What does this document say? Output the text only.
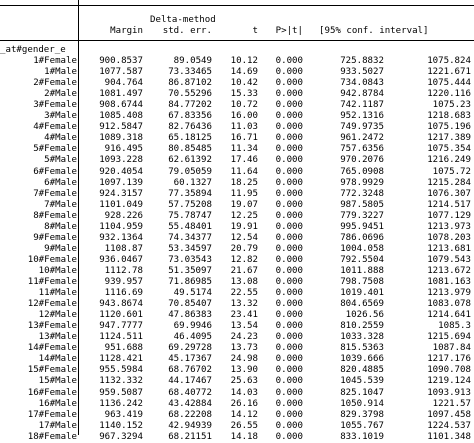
Delta-method
Margin std. err.	t P>|t| [95% conf. interval]
_at#gender_e
1#Female 900.8537	89.0549 10.12 0.000	725.8832	1075.824
1#Male 1077.587	73.33465 14.69 0.000	933.5027	1221.671
2#Female	904.764	86.87102 10.42 0.000	734.0843	1075.444
2#Male 1081.497	70.55296 15.33 0.000	942.8784	1220.116
3#Female 908.6744	84.77202 10.72 0.000	742.1187	1075.23
3#Male 1085.408	67.83356 16.00 0.000	952.1316	1218.683
4#Female 912.5847	82.76436 11.03 0.000	749.9735	1075.196
4#Male 1089.318	65.18125 16.71 0.000	961.2472	1217.389
5#Female	916.495	80.85485 11.34 0.000	757.6356	1075.354
5#Male 1093.228	62.61392 17.46 0.000	970.2076	1216.249
6#Female 920.4054	79.05059 11.64 0.000	765.0908	1075.72
6#Male 1097.139	60.1327 18.25 0.000	978.9929	1215.284
7#Female 924.3157	77.35894 11.95 0.000	772.3248	1076.307
7#Male 1101.049	57.75208 19.07 0.000	987.5805	1214.517
8#Female	928.226	75.78747 12.25 0.000	779.3227	1077.129
8#Male 1104.959	55.48401 19.91 0.000	995.9451	1213.973
9#Female 932.1364	74.34377 12.54 0.000	786.0696	1078.203
9#Male	1108.87	53.34597 20.79 0.000	1004.058	1213.681
10#Female 936.0467	73.03543 12.82 0.000	792.5504	1079.543
10#Male	1112.78	51.35097 21.67 0.000	1011.888	1213.672
11#Female	939.957	71.86985 13.08 0.000	798.7508	1081.163
11#Male	1116.69	49.5174 22.55 0.000	1019.401	1213.979
12#Female 943.8674	70.85407 13.32 0.000	804.6569	1083.078
12#Male 1120.601	47.86383 23.41 0.000	1026.56	1214.641
13#Female 947.7777	69.9946 13.54 0.000	810.2559	1085.3
13#Male 1124.511	46.4095 24.23 0.000	1033.328	1215.694
14#Female	951.688	69.29728 13.73 0.000	815.5363	1087.84
14#Male 1128.421	45.17367 24.98 0.000	1039.666	1217.176
15#Female 955.5984	68.76702 13.90 0.000	820.4885	1090.708
15#Male 1132.332	44.17467 25.63 0.000	1045.539	1219.124
16#Female 959.5087	68.40772 14.03 0.000	825.1047	1093.913
16#Male 1136.242	43.42884 26.16 0.000	1050.914	1221.57
17#Female	963.419	68.22208 14.12 0.000	829.3798	1097.458
17#Male 1140.152	42.94939 26.55 0.000	1055.767	1224.537
18#Female 967.3294	68.21151 14.18 0.000	833.1019	1101.348
